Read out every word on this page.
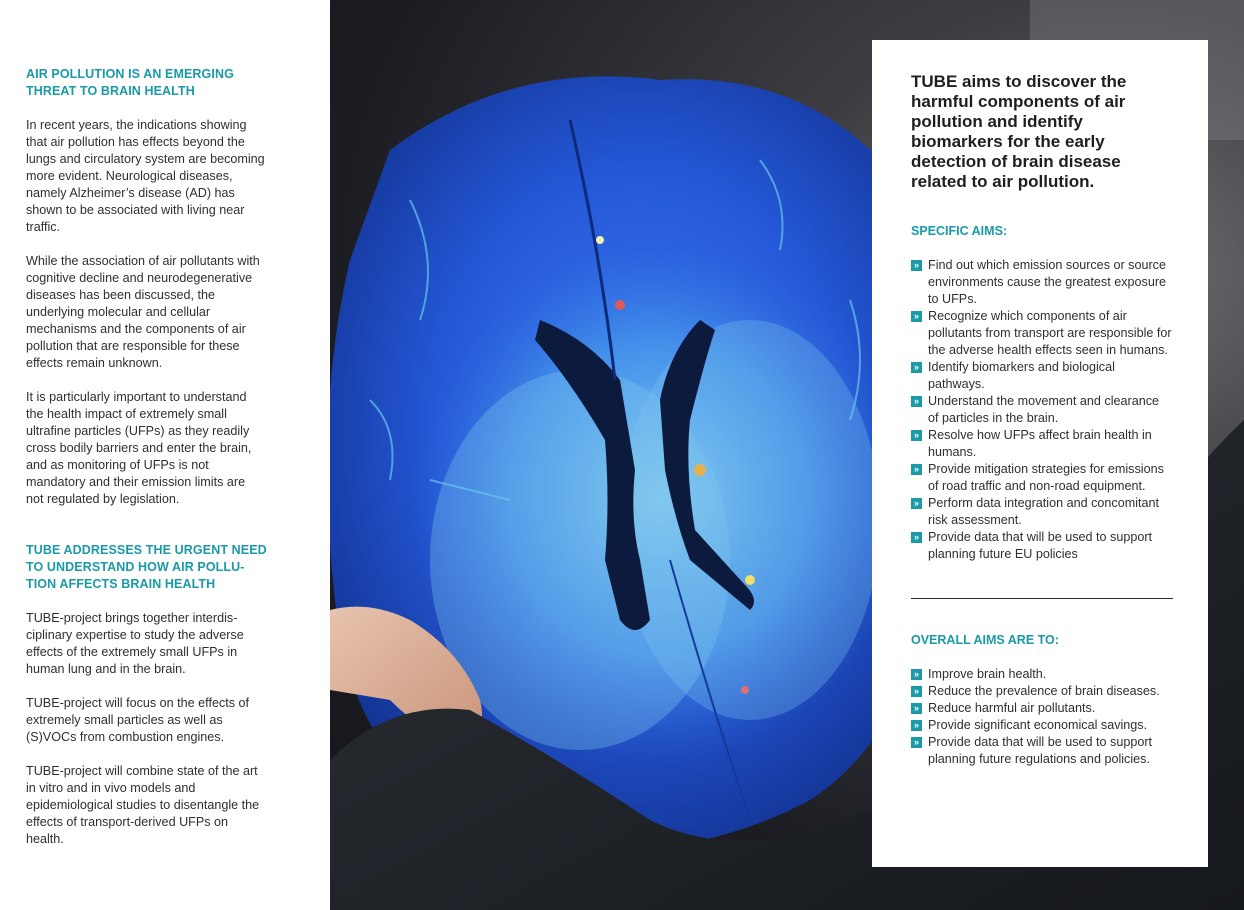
AIR POLLUTION IS AN EMERGING THREAT TO BRAIN HEALTH

In recent years, the indications showing that air pollution has effects beyond the lungs and circulatory system are becoming more evident. Neurological diseases, namely Alzheimer’s disease (AD) has shown to be associated with living near traffic.

While the association of air pollutants with cognitive decline and neurodegenerative diseases has been discussed, the underlying molecular and cellular mechanisms and the components of air pollution that are responsible for these effects remain unknown.

It is particularly important to understand the health impact of extremely small ultrafine particles (UFPs) as they readily cross bodily barriers and enter the brain, and as monitoring of UFPs is not mandatory and their emission limits are not regulated by legislation.

TUBE ADDRESSES THE URGENT NEED TO UNDERSTAND HOW AIR POLLUTION AFFECTS BRAIN HEALTH

TUBE-project brings together interdisciplinary expertise to study the adverse effects of the extremely small UFPs in human lung and in the brain.

TUBE-project will focus on the effects of extremely small particles as well as (S)VOCs from combustion engines.

TUBE-project will combine state of the art in vitro and in vivo models and epidemiological studies to disentangle the effects of transport-derived UFPs on health.

TUBE aims to discover the harmful components of air pollution and identify biomarkers for the early detection of brain disease related to air pollution.

SPECIFIC AIMS:
» Find out which emission sources or source environments cause the greatest exposure to UFPs.
» Recognize which components of air pollutants from transport are responsible for the adverse health effects seen in humans.
» Identify biomarkers and biological pathways.
» Understand the movement and clearance of particles in the brain.
» Resolve how UFPs affect brain health in humans.
» Provide mitigation strategies for emissions of road traffic and non-road equipment.
» Perform data integration and concomitant risk assessment.
» Provide data that will be used to support planning future EU policies
OVERALL AIMS ARE TO:
» Improve brain health.
» Reduce the prevalence of brain diseases.
» Reduce harmful air pollutants.
» Provide significant economical savings.
» Provide data that will be used to support planning future regulations and policies.
